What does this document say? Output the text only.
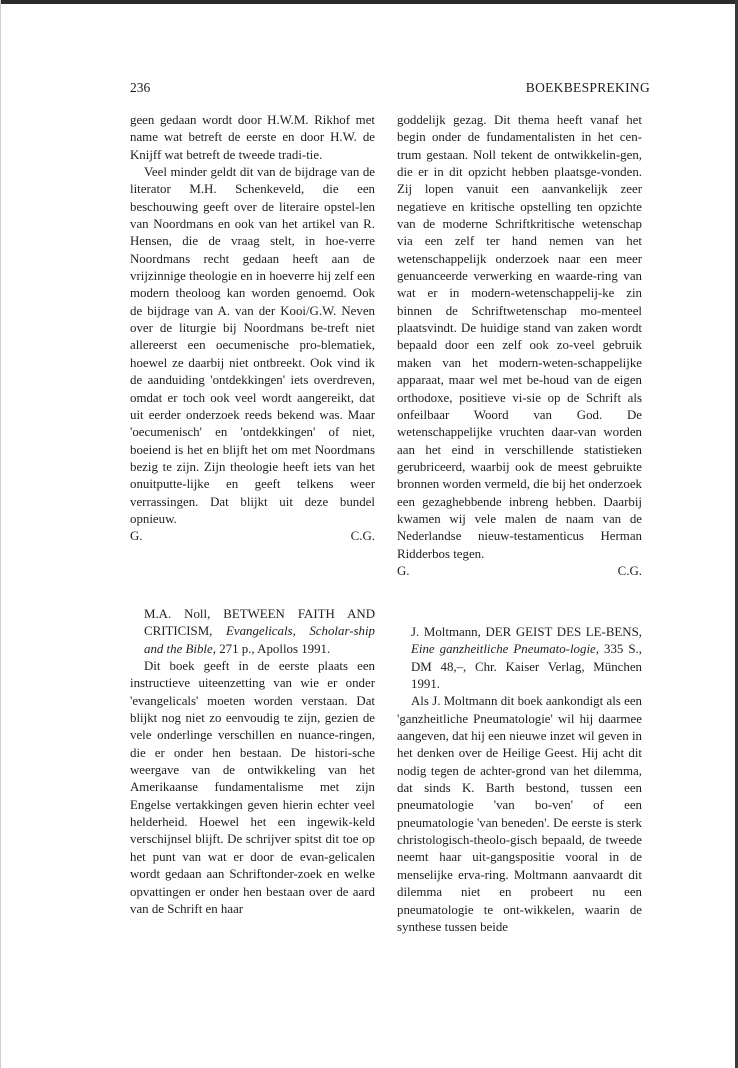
236	BOEKBESPREKING

geen gedaan wordt door H.W.M. Rikhof met name wat betreft de eerste en door H.W. de Knijff wat betreft de tweede tradi-tie.

Veel minder geldt dit van de bijdrage van de literator M.H. Schenkeveld, die een beschouwing geeft over de literaire opstel-len van Noordmans en ook van het artikel van R. Hensen, die de vraag stelt, in hoe-verre Noordmans recht gedaan heeft aan de vrijzinnige theologie en in hoeverre hij zelf een modern theoloog kan worden genoemd. Ook de bijdrage van A. van der Kooi/G.W. Neven over de liturgie bij Noordmans be-treft niet allereerst een oecumenische pro-blematiek, hoewel ze daarbij niet ontbreekt. Ook vind ik de aanduiding 'ontdekkingen' iets overdreven, omdat er toch ook veel wordt aangereikt, dat uit eerder onderzoek reeds bekend was. Maar 'oecumenisch' en 'ontdekkingen' of niet, boeiend is het en blijft het om met Noordmans bezig te zijn. Zijn theologie heeft iets van het onuitputte-lijke en geeft telkens weer verrassingen. Dat blijkt uit deze bundel opnieuw.

G.	C.G.

goddelijk gezag. Dit thema heeft vanaf het begin onder de fundamentalisten in het cen-trum gestaan. Noll tekent de ontwikkelin-gen, die er in dit opzicht hebben plaatsge-vonden. Zij lopen vanuit een aanvankelijk zeer negatieve en kritische opstelling ten opzichte van de moderne Schriftkritische wetenschap via een zelf ter hand nemen van het wetenschappelijk onderzoek naar een meer genuanceerde verwerking en waarde-ring van wat er in modern-wetenschappelij-ke zin binnen de Schriftwetenschap mo-menteel plaatsvindt. De huidige stand van zaken wordt bepaald door een zelf ook zo-veel gebruik maken van het modern-weten-schappelijke apparaat, maar wel met be-houd van de eigen orthodoxe, positieve vi-sie op de Schrift als onfeilbaar Woord van God. De wetenschappelijke vruchten daar-van worden aan het eind in verschillende statistieken gerubriceerd, waarbij ook de meest gebruikte bronnen worden vermeld, die bij het onderzoek een gezaghebbende inbreng hebben. Daarbij kwamen wij vele malen de naam van de Nederlandse nieuw-testamenticus Herman Ridderbos tegen.

G.	C.G.
M.A. Noll, BETWEEN FAITH AND CRITICISM, Evangelicals, Scholar-ship and the Bible, 271 p., Apollos 1991.

Dit boek geeft in de eerste plaats een instructieve uiteenzetting van wie er onder 'evangelicals' moeten worden verstaan. Dat blijkt nog niet zo eenvoudig te zijn, gezien de vele onderlinge verschillen en nuance-ringen, die er onder hen bestaan. De histori-sche weergave van de ontwikkeling van het Amerikaanse fundamentalisme met zijn Engelse vertakkingen geven hierin echter veel helderheid. Hoewel het een ingewik-keld verschijnsel blijft. De schrijver spitst dit toe op het punt van wat er door de evan-gelicalen wordt gedaan aan Schriftonder-zoek en welke opvattingen er onder hen bestaan over de aard van de Schrift en haar

J. Moltmann, DER GEIST DES LE-BENS, Eine ganzheitliche Pneumato-logie, 335 S., DM 48,–, Chr. Kaiser Verlag, München 1991.

Als J. Moltmann dit boek aankondigt als een 'ganzheitliche Pneumatologie' wil hij daarmee aangeven, dat hij een nieuwe inzet wil geven in het denken over de Heilige Geest. Hij acht dit nodig tegen de achter-grond van het dilemma, dat sinds K. Barth bestond, tussen een pneumatologie 'van bo-ven' of een pneumatologie 'van beneden'. De eerste is sterk christologisch-theolo-gisch bepaald, de tweede neemt haar uit-gangspositie vooral in de menselijke erva-ring. Moltmann aanvaardt dit dilemma niet en probeert nu een pneumatologie te ont-wikkelen, waarin de synthese tussen beide
